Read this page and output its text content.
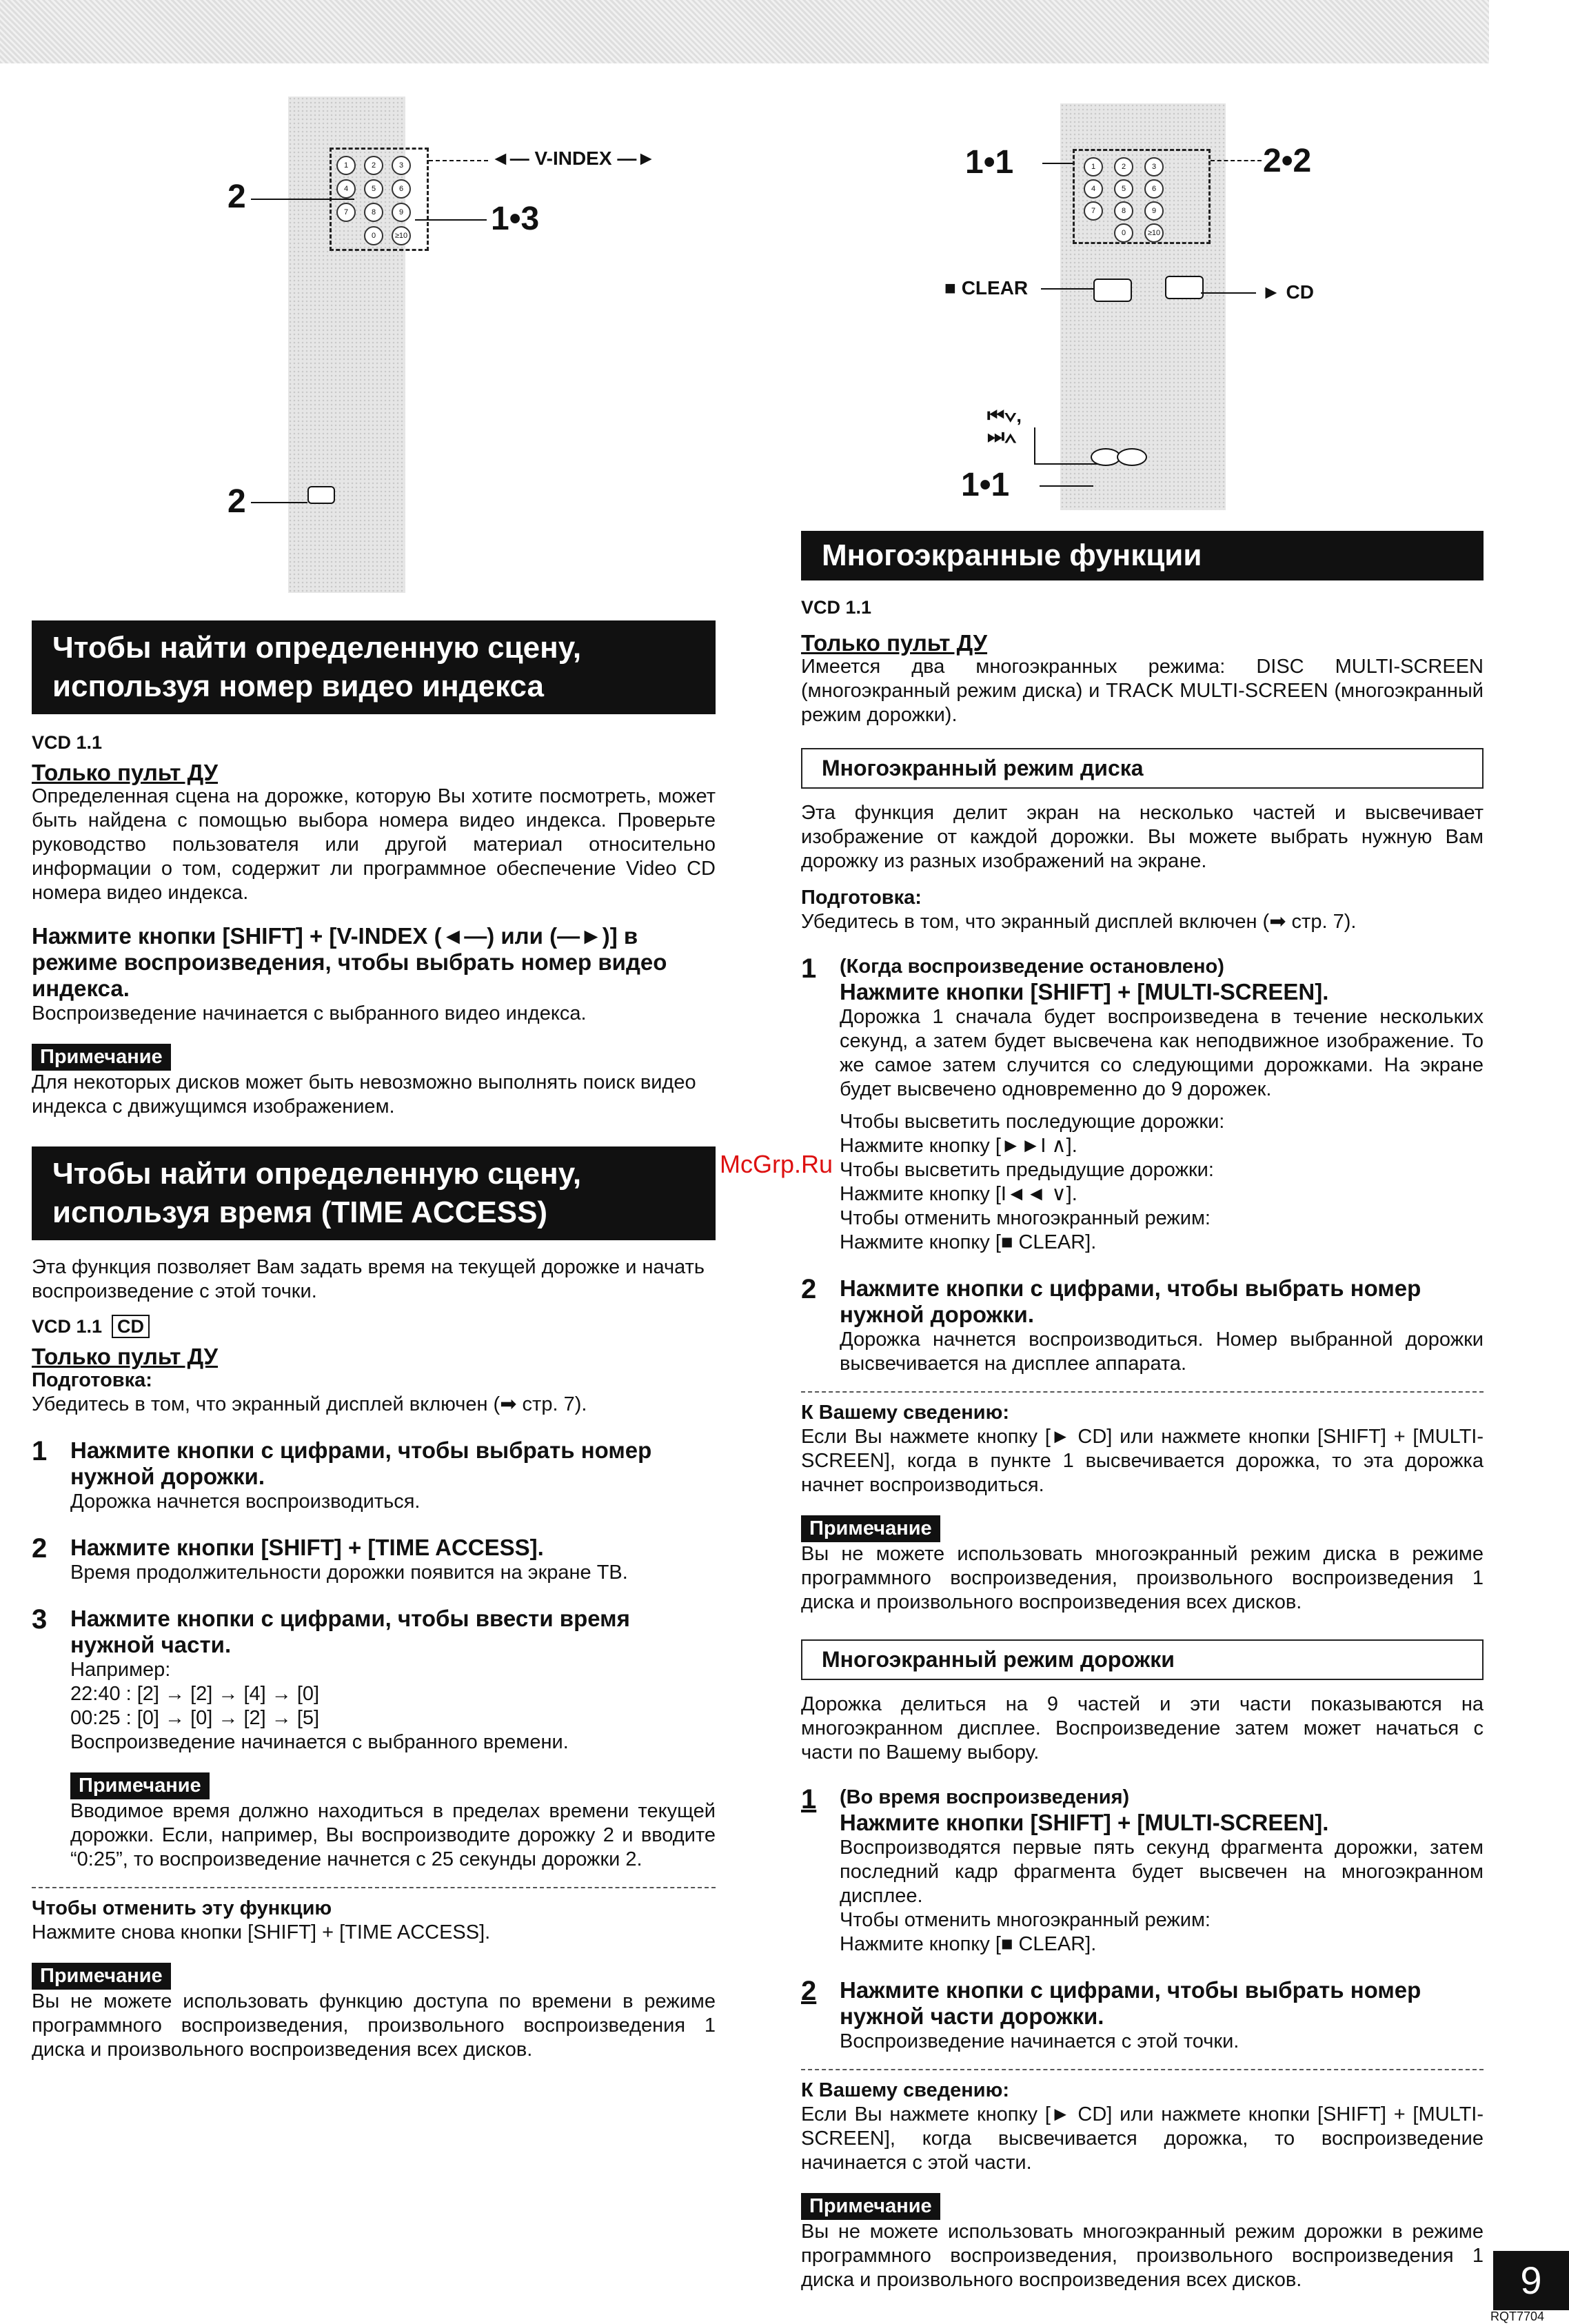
1	2	3
4	5	6
7	8	9
0	≥10
◄— V-INDEX —►
2
1•3
2
1	2	3
4	5	6
7	8	9
0	≥10
1•1	2•2
■ CLEAR	► CD
⏮∨,
⏭∧
1•1
Чтобы найти определенную сцену, используя номер видео индекса
VCD 1.1
Только пульт ДУ

Определенная сцена на дорожке, которую Вы хотите посмотреть, может быть найдена с помощью выбора номера видео индекса. Проверьте руководство пользователя или другой материал относительно информации о том, содержит ли программное обеспечение Video CD номера видео индекса.

Нажмите кнопки [SHIFT] + [V-INDEX (◄—) или (—►)] в режиме воспроизведения, чтобы выбрать номер видео индекса.

Воспроизведение начинается с выбранного видео индекса.

Примечание

Для некоторых дисков может быть невозможно выполнять поиск видео индекса с движущимся изображением.

Чтобы найти определенную сцену, используя время (TIME ACCESS)

Эта функция позволяет Вам задать время на текущей дорожке и начать воспроизведение с этой точки.

VCD 1.1 CD
Только пульт ДУ
Подготовка:

Убедитесь в том, что экранный дисплей включен (➡ стр. 7).

1	Нажмите кнопки с цифрами, чтобы выбрать номер нужной дорожки.

Дорожка начнется воспроизводиться.

2	Нажмите кнопки [SHIFT] + [TIME ACCESS].

Время продолжительности дорожки появится на экране ТВ.

3	Нажмите кнопки с цифрами, чтобы ввести время нужной части.

Например:

22:40 : [2] → [2] → [4] → [0]

00:25 : [0] → [0] → [2] → [5]

Воспроизведение начинается с выбранного времени.

Примечание

Вводимое время должно находиться в пределах времени текущей дорожки. Если, например, Вы воспроизводите дорожку 2 и вводите “0:25”, то воспроизведение начнется с 25 секунды дорожки 2.

Чтобы отменить эту функцию

Нажмите снова кнопки [SHIFT] + [TIME ACCESS].

Примечание

Вы не можете использовать функцию доступа по времени в режиме программного воспроизведения, произвольного воспроизведения 1 диска и произвольного воспроизведения всех дисков.

Многоэкранные функции
VCD 1.1
Только пульт ДУ

Имеется два многоэкранных режима: DISC MULTI-SCREEN (многоэкранный режим диска) и TRACK MULTI-SCREEN (многоэкранный режим дорожки).

Многоэкранный режим диска

Эта функция делит экран на несколько частей и высвечивает изображение от каждой дорожки. Вы можете выбрать нужную Вам дорожку из разных изображений на экране.

Подготовка:

Убедитесь в том, что экранный дисплей включен (➡ стр. 7).

1	(Когда воспроизведение остановлено)
Нажмите кнопки [SHIFT] + [MULTI-SCREEN].

Дорожка 1 сначала будет воспроизведена в течение нескольких секунд, а затем будет высвечена как неподвижное изображение. То же самое затем случится со следующими дорожками. На экране будет высвечено одновременно до 9 дорожек.

Чтобы высветить последующие дорожки:

Нажмите кнопку [►►I ∧].

Чтобы высветить предыдущие дорожки:

Нажмите кнопку [I◄◄ ∨].

Чтобы отменить многоэкранный режим:

Нажмите кнопку [■ CLEAR].

2	Нажмите кнопки с цифрами, чтобы выбрать номер нужной дорожки.

Дорожка начнется воспроизводиться. Номер выбранной дорожки высвечивается на дисплее аппарата.

К Вашему сведению:

Если Вы нажмете кнопку [► CD] или нажмете кнопки [SHIFT] + [MULTI-SCREEN], когда в пункте 1 высвечивается дорожка, то эта дорожка начнет воспроизводиться.

Примечание

Вы не можете использовать многоэкранный режим диска в режиме программного воспроизведения, произвольного воспроизведения 1 диска и произвольного воспроизведения всех дисков.

Многоэкранный режим дорожки

Дорожка делиться на 9 частей и эти части показываются на многоэкранном дисплее. Воспроизведение затем может начаться с части по Вашему выбору.

1	(Во время воспроизведения)
Нажмите кнопки [SHIFT] + [MULTI-SCREEN].

Воспроизводятся первые пять секунд фрагмента дорожки, затем последний кадр фрагмента будет высвечен на многоэкранном дисплее.

Чтобы отменить многоэкранный режим:

Нажмите кнопку [■ CLEAR].

2	Нажмите кнопки с цифрами, чтобы выбрать номер нужной части дорожки.

Воспроизведение начинается с этой точки.

К Вашему сведению:

Если Вы нажмете кнопку [► CD] или нажмете кнопки [SHIFT] + [MULTI-SCREEN], когда высвечивается дорожка, то воспроизведение начинается с этой части.

Примечание

Вы не можете использовать многоэкранный режим дорожки в режиме программного воспроизведения, произвольного воспроизведения 1 диска и произвольного воспроизведения всех дисков.

McGrp.Ru
9
RQT7704
